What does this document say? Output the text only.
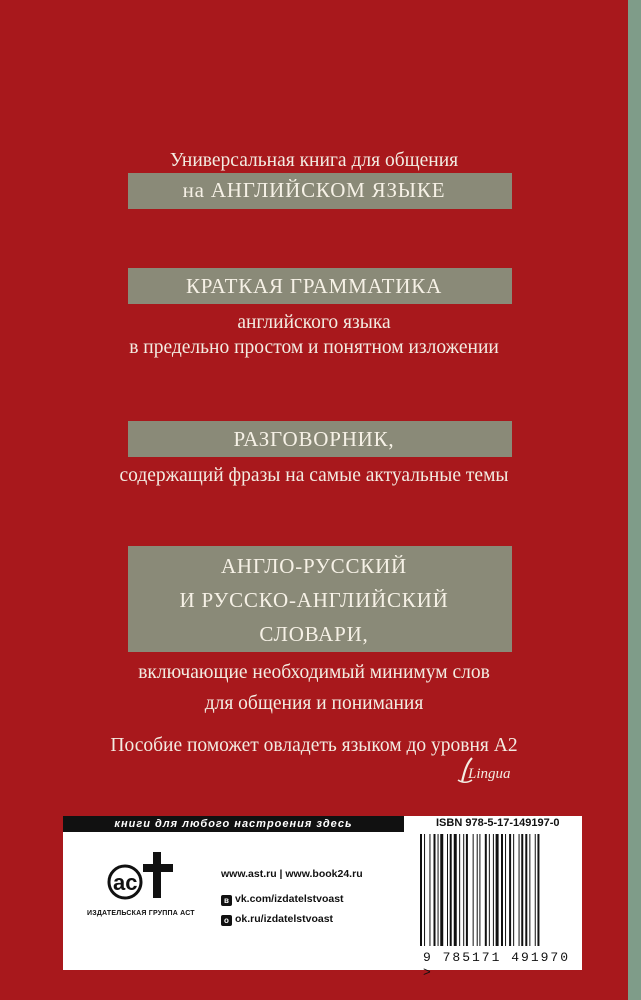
Универсальная книга для общения
на АНГЛИЙСКОМ ЯЗЫКЕ
КРАТКАЯ ГРАММАТИКА
английского языка
в предельно простом и понятном изложении
РАЗГОВОРНИК,
содержащий фразы на самые актуальные темы
АНГЛО-РУССКИЙ
И РУССКО-АНГЛИЙСКИЙ
СЛОВАРИ,
включающие необходимый минимум слов
для общения и понимания
Пособие поможет овладеть языком до уровня А2
Lingua
книги для любого настроения здесь	ISBN 978-5-17-149197-0
ac
ИЗДАТЕЛЬСКАЯ ГРУППА АСТ
www.ast.ru | www.book24.ru
в vk.com/izdatelstvoast
о ok.ru/izdatelstvoast
9 785171 491970 >
